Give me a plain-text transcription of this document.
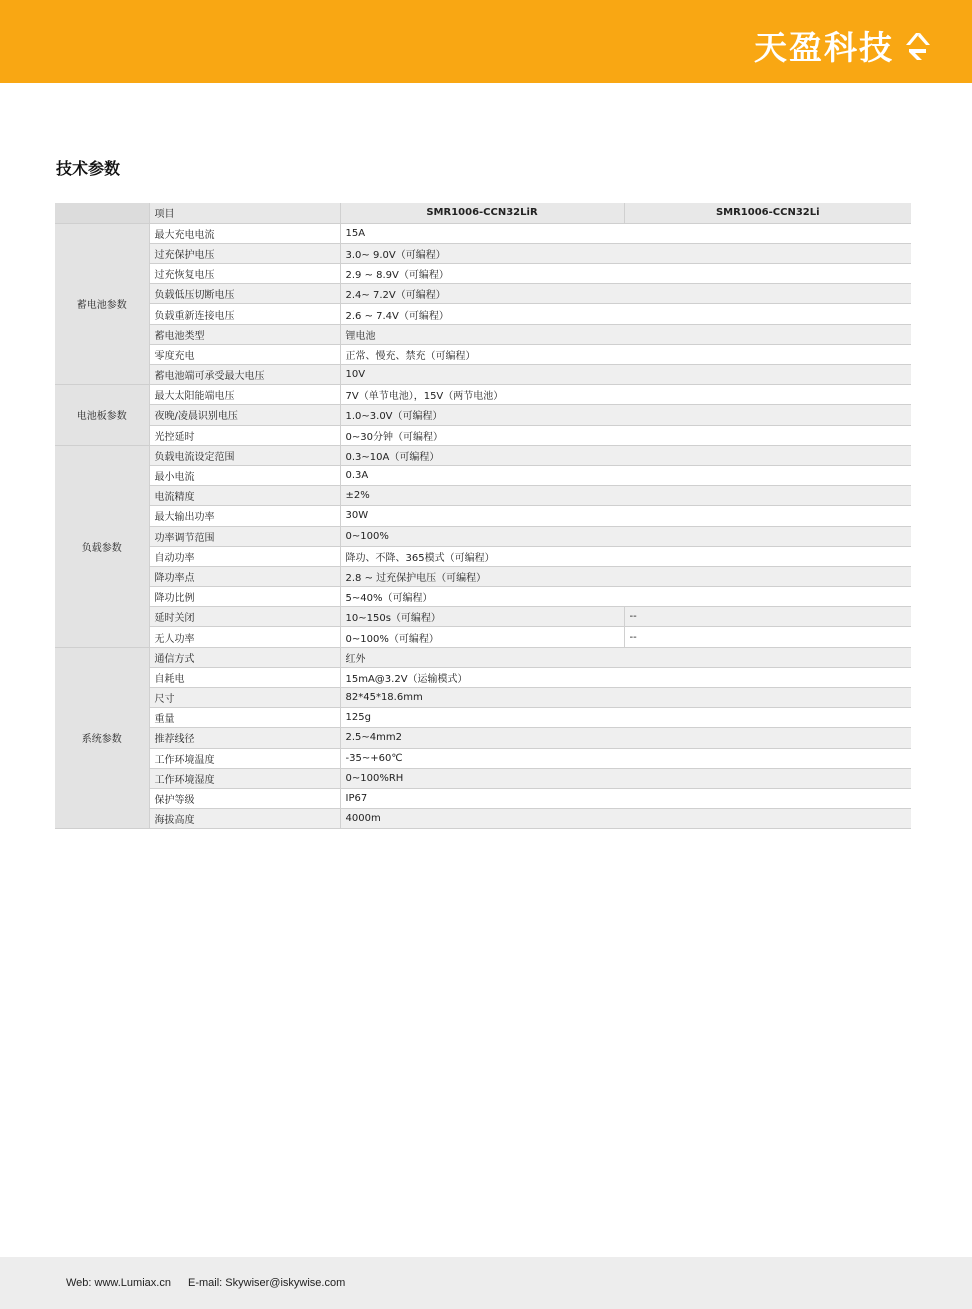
天盈科技
技术参数
	项目	SMR1006-CCN32LiR	SMR1006-CCN32Li
蓄电池参数	最大充电电流	15A	
	过充保护电压	3.0~ 9.0V（可编程）	
	过充恢复电压	2.9 ~ 8.9V（可编程）	
	负载低压切断电压	2.4~ 7.2V（可编程）	
	负载重新连接电压	2.6 ~ 7.4V（可编程）	
	蓄电池类型	锂电池	
	零度充电	正常、慢充、禁充（可编程）	
	蓄电池端可承受最大电压	10V	
电池板参数	最大太阳能端电压	7V（单节电池），15V（两节电池）	
	夜晚/凌晨识别电压	1.0~3.0V（可编程）	
	光控延时	0~30分钟（可编程）	
负载参数	负载电流设定范围	0.3~10A（可编程）	
	最小电流	0.3A	
	电流精度	±2%	
	最大输出功率	30W	
	功率调节范围	0~100%	
	自动功率	降功、不降、365模式（可编程）	
	降功率点	2.8 ~ 过充保护电压（可编程）	
	降功比例	5~40%（可编程）	
	延时关闭	10~150s（可编程）	--
	无人功率	0~100%（可编程）	--
系统参数	通信方式	红外	
	自耗电	15mA@3.2V（运输模式）	
	尺寸	82*45*18.6mm	
	重量	125g	
	推荐线径	2.5~4mm2	
	工作环境温度	-35~+60℃	
	工作环境湿度	0~100%RH	
	保护等级	IP67	
	海拔高度	4000m	
Web: www.Lumiax.cn E-mail: Skywiser@iskywise.com
